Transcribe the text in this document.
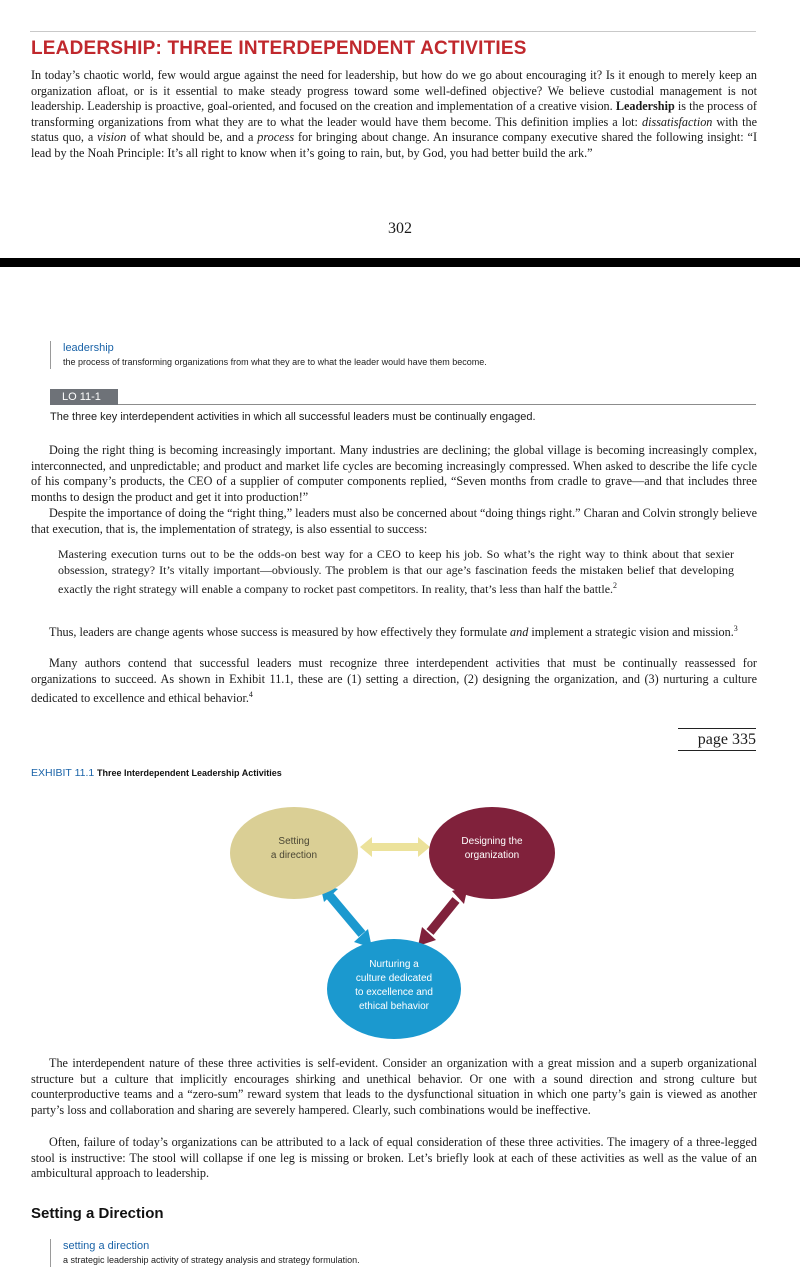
LEADERSHIP: THREE INTERDEPENDENT ACTIVITIES

In today’s chaotic world, few would argue against the need for leadership, but how do we go about encouraging it? Is it enough to merely keep an organization afloat, or is it essential to make steady progress toward some well-defined objective? We believe custodial management is not leadership. Leadership is proactive, goal-oriented, and focused on the creation and implementation of a creative vision. Leadership is the process of transforming organizations from what they are to what the leader would have them become. This definition implies a lot: dissatisfaction with the status quo, a vision of what should be, and a process for bringing about change. An insurance company executive shared the following insight: “I lead by the Noah Principle: It’s all right to know when it’s going to rain, but, by God, you had better build the ark.”

302
leadership
the process of transforming organizations from what they are to what the leader would have them become.
LO 11-1

The three key interdependent activities in which all successful leaders must be continually engaged.

Doing the right thing is becoming increasingly important. Many industries are declining; the global village is becoming increasingly complex, interconnected, and unpredictable; and product and market life cycles are becoming increasingly compressed. When asked to describe the life cycle of his company’s products, the CEO of a supplier of computer components replied, “Seven months from cradle to grave—and that includes three months to design the product and get it into production!”

Despite the importance of doing the “right thing,” leaders must also be concerned about “doing things right.” Charan and Colvin strongly believe that execution, that is, the implementation of strategy, is also essential to success:

Mastering execution turns out to be the odds-on best way for a CEO to keep his job. So what’s the right way to think about that sexier obsession, strategy? It’s vitally important—obviously. The problem is that our age’s fascination feeds the mistaken belief that developing exactly the right strategy will enable a company to rocket past competitors. In reality, that’s less than half the battle.$^2$

Thus, leaders are change agents whose success is measured by how effectively they formulate and implement a strategic vision and mission.$^3$

Many authors contend that successful leaders must recognize three interdependent activities that must be continually reassessed for organizations to succeed. As shown in Exhibit 11.1, these are (1) setting a direction, (2) designing the organization, and (3) nurturing a culture dedicated to excellence and ethical behavior.$^4$

page 335

EXHIBIT 11.1 Three Interdependent Leadership Activities

Setting
a direction
Designing the
organization
Nurturing a
culture dedicated
to excellence and
ethical behavior

The interdependent nature of these three activities is self-evident. Consider an organization with a great mission and a superb organizational structure but a culture that implicitly encourages shirking and unethical behavior. Or one with a sound direction and strong culture but counterproductive teams and a “zero-sum” reward system that leads to the dysfunctional situation in which one party’s gain is viewed as another party’s loss and collaboration and sharing are severely hampered. Clearly, such combinations would be ineffective.

Often, failure of today’s organizations can be attributed to a lack of equal consideration of these three activities. The imagery of a three-legged stool is instructive: The stool will collapse if one leg is missing or broken. Let’s briefly look at each of these activities as well as the value of an ambicultural approach to leadership.

Setting a Direction
setting a direction
a strategic leadership activity of strategy analysis and strategy formulation.
